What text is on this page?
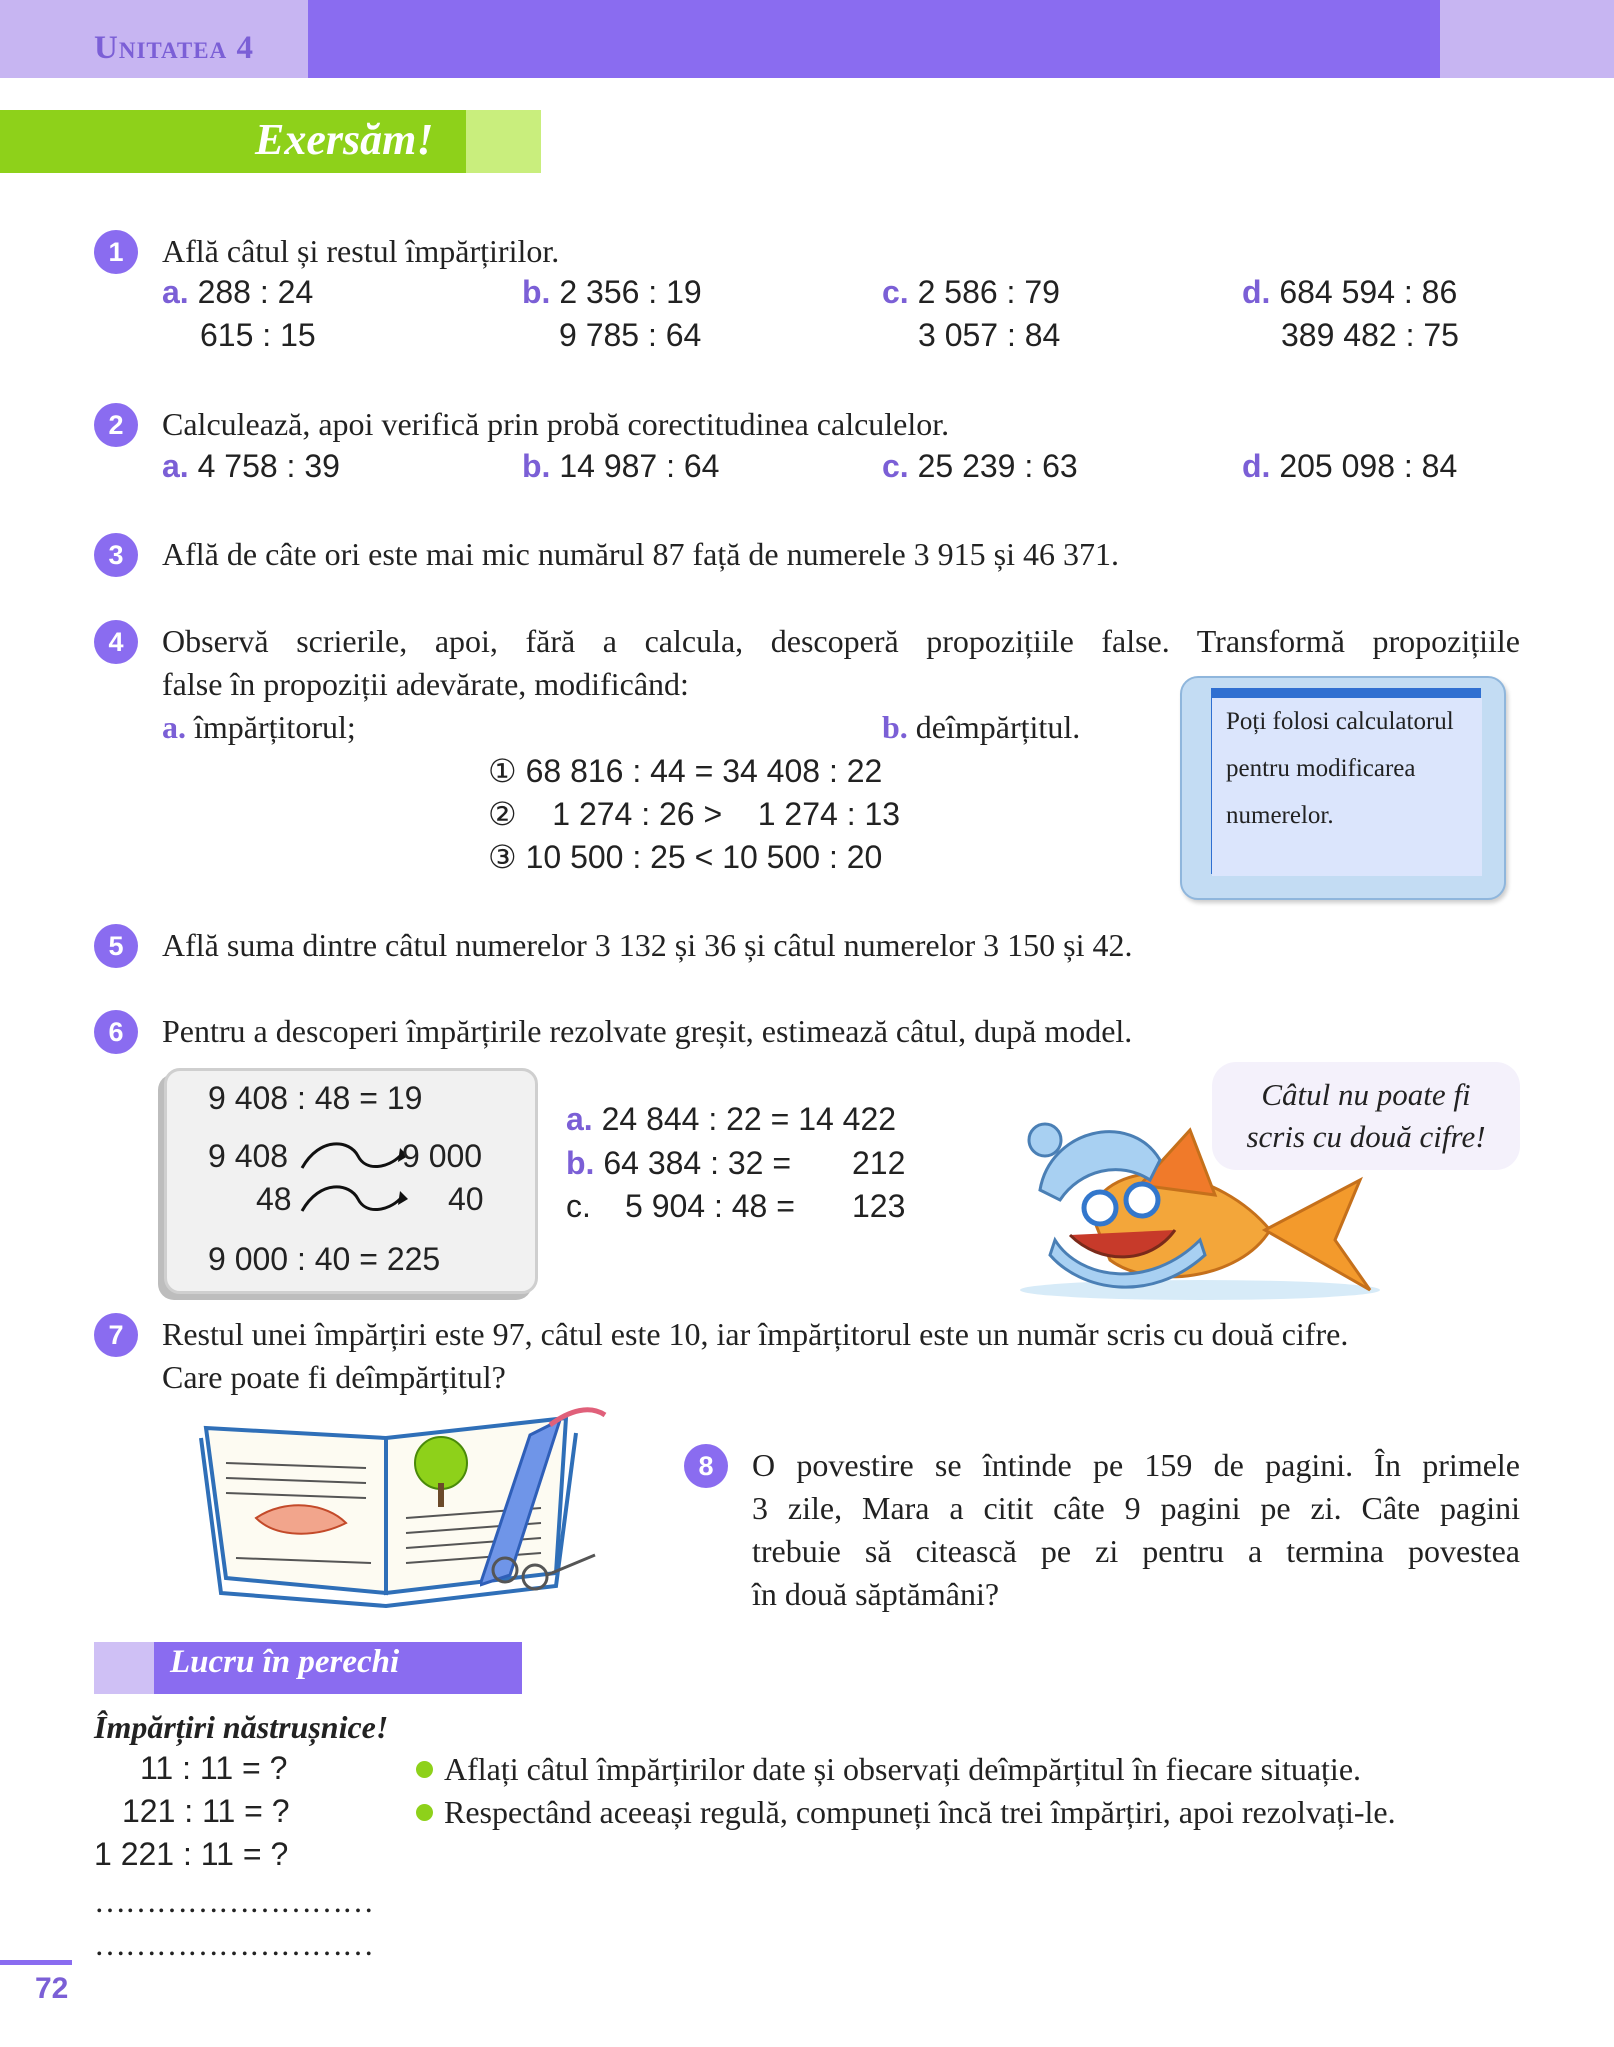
Unitatea 4
Exersăm!
1	Află câtul și restul împărțirilor.
a. 288 : 24
615 : 15
b. 2 356 : 19
9 785 : 64
c. 2 586 : 79
3 057 : 84
d. 684 594 : 86
389 482 : 75
2	Calculează, apoi verifică prin probă corectitudinea calculelor.
a. 4 758 : 39	b. 14 987 : 64	c. 25 239 : 63	d. 205 098 : 84
3	Află de câte ori este mai mic numărul 87 față de numerele 3 915 și 46 371.
4	Observă scrierile, apoi, fără a calcula, descoperă propozițiile false. Transformă propozițiile
false în propoziții adevărate, modificând:
a. împărțitorul;	b. deîmpărțitul.
① 68 816 : 44 = 34 408 : 22
②    1 274 : 26 >    1 274 : 13
③ 10 500 : 25 < 10 500 : 20
Poți folosi calculatorul
pentru modificarea
numerelor.
5	Află suma dintre câtul numerelor 3 132 și 36 și câtul numerelor 3 150 și 42.
6	Pentru a descoperi împărțirile rezolvate greșit, estimează câtul, după model.
9 408 : 48 = 19
9 408	9 000
48	40
9 000 : 40 = 225
a. 24 844 : 22 = 14 422
b. 64 384 : 32 = 212
c. 5 904 : 48 = 123
Câtul nu poate fi
scris cu două cifre!
7	Restul unei împărțiri este 97, câtul este 10, iar împărțitorul este un număr scris cu două cifre.
Care poate fi deîmpărțitul?
8	O povestire se întinde pe 159 de pagini. În primele
3 zile, Mara a citit câte 9 pagini pe zi. Câte pagini
trebuie să citească pe zi pentru a termina povestea
în două săptămâni?
Lucru în perechi
Împărțiri năstrușnice!
11 : 11 = ?
121 : 11 = ?
1 221 : 11 = ?
………………………
………………………
Aflați câtul împărțirilor date și observați deîmpărțitul în fiecare situație.
Respectând aceeași regulă, compuneți încă trei împărțiri, apoi rezolvați-le.
72
